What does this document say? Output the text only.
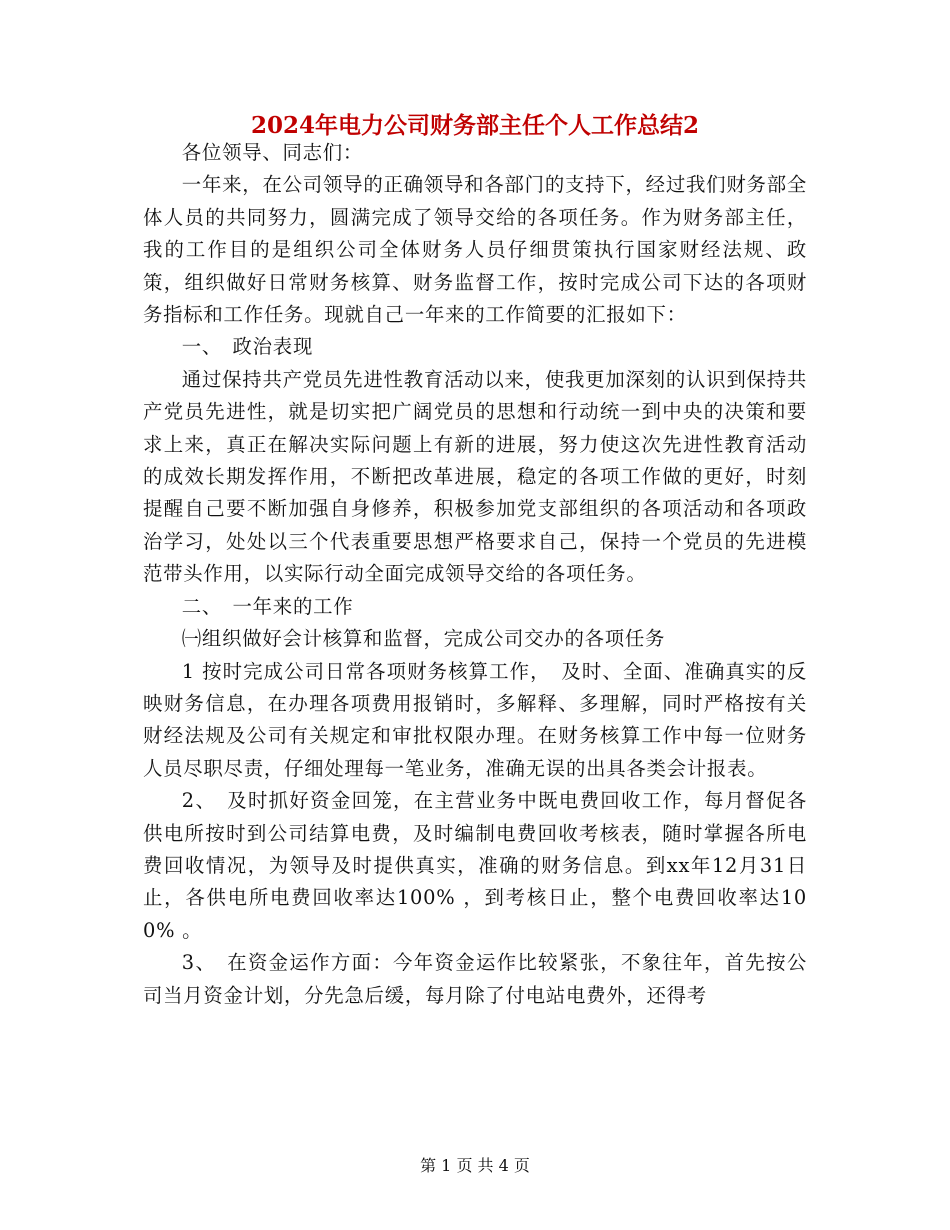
2024年电力公司财务部主任个人工作总结2

各位领导、同志们：

一年来，在公司领导的正确领导和各部门的支持下，经过我们财务部全体人员的共同努力，圆满完成了领导交给的各项任务。作为财务部主任，我的工作目的是组织公司全体财务人员仔细贯策执行国家财经法规、政策，组织做好日常财务核算、财务监督工作，按时完成公司下达的各项财务指标和工作任务。现就自己一年来的工作简要的汇报如下：

一、　政治表现

通过保持共产党员先进性教育活动以来，使我更加深刻的认识到保持共产党员先进性，就是切实把广阔党员的思想和行动统一到中央的决策和要求上来，真正在解决实际问题上有新的进展，努力使这次先进性教育活动的成效长期发挥作用，不断把改革进展，稳定的各项工作做的更好，时刻提醒自己要不断加强自身修养，积极参加党支部组织的各项活动和各项政治学习，处处以三个代表重要思想严格要求自己，保持一个党员的先进模范带头作用，以实际行动全面完成领导交给的各项任务。

二、　一年来的工作

㈠组织做好会计核算和监督，完成公司交办的各项任务

1 按时完成公司日常各项财务核算工作，　及时、全面、准确真实的反映财务信息，在办理各项费用报销时，多解释、多理解，同时严格按有关财经法规及公司有关规定和审批权限办理。在财务核算工作中每一位财务人员尽职尽责，仔细处理每一笔业务，准确无误的出具各类会计报表。

2、　及时抓好资金回笼，在主营业务中既电费回收工作，每月督促各供电所按时到公司结算电费，及时编制电费回收考核表，随时掌握各所电费回收情况，为领导及时提供真实，准确的财务信息。到xx年12月31日止，各供电所电费回收率达100% ，到考核日止，整个电费回收率达100% 。

3、　在资金运作方面：今年资金运作比较紧张，不象往年，首先按公司当月资金计划，分先急后缓，每月除了付电站电费外，还得考

第 1 页 共 4 页
